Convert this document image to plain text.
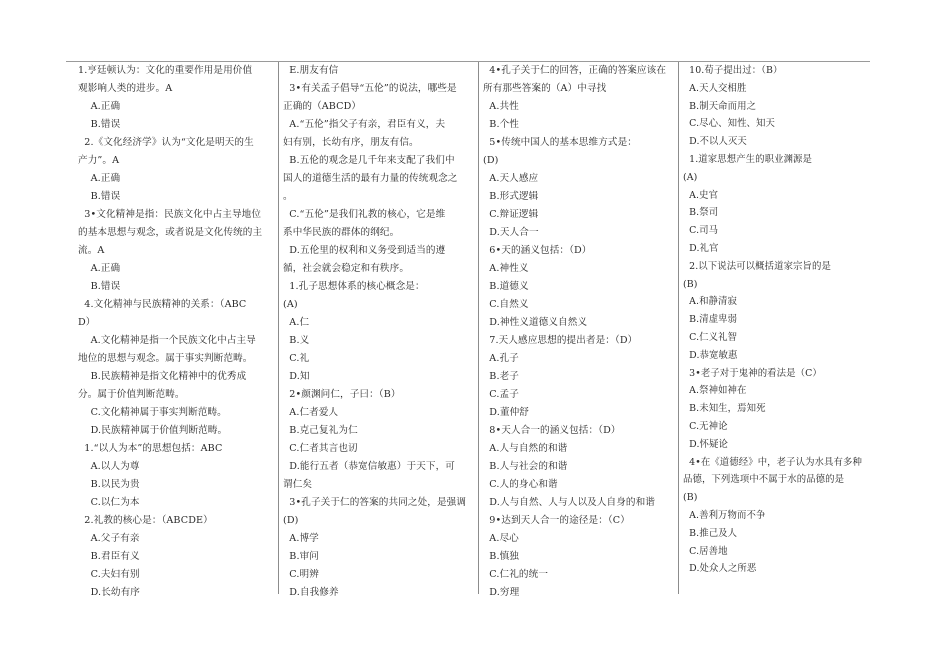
1.亨廷顿认为：文化的重要作用是用价值
观影响人类的进步。A
A.正确
B.错误
2.《文化经济学》认为“文化是明天的生
产力”。A
A.正确
B.错误
3•文化精神是指：民族文化中占主导地位
的基本思想与观念，或者说是文化传统的主
流。A
A.正确
B.错误
4.文化精神与民族精神的关系：（ABC
D）
A.文化精神是指一个民族文化中占主导
地位的思想与观念。属于事实判断范畴。
B.民族精神是指文化精神中的优秀成
分。属于价值判断范畴。
C.文化精神属于事实判断范畴。
D.民族精神属于价值判断范畴。
1.“以人为本”的思想包括：ABC
A.以人为尊
B.以民为贵
C.以仁为本
2.礼教的核心是：（ABCDE）
A.父子有亲
B.君臣有义
C.夫妇有别
D.长幼有序
E.朋友有信
3•有关孟子倡导“五伦”的说法，哪些是
正确的（ABCD）
A.“五伦”指父子有亲，君臣有义，夫
妇有别，长幼有序，朋友有信。
B.五伦的观念是几千年来支配了我们中
国人的道德生活的最有力量的传统观念之
。
C.“五伦”是我们礼教的核心，它是维
系中华民族的群体的纲纪。
D.五伦里的权利和义务受到适当的遵
循，社会就会稳定和有秩序。
1.孔子思想体系的核心概念是：
(A)
A.仁
B.义
C.礼
D.知
2•颜渊问仁，子曰：（B）
A.仁者爱人
B.克己复礼为仁
C.仁者其言也讱
D.能行五者（恭宽信敏惠）于天下，可
谓仁矣
3•孔子关于仁的答案的共同之处，是强调
(D)
A.博学
B.审问
C.明辨
D.自我修养
4•孔子关于仁的回答，正确的答案应该在
所有那些答案的（A）中寻找
A.共性
B.个性
5•传统中国人的基本思维方式是：
(D)
A.天人感应
B.形式逻辑
C.辩证逻辑
D.天人合一
6•天的涵义包括：（D）
A.神性义
B.道德义
C.自然义
D.神性义道德义自然义
7.天人感应思想的提出者是：（D）
A.孔子
B.老子
C.孟子
D.董仲舒
8•天人合一的涵义包括：（D）
A.人与自然的和谐
B.人与社会的和谐
C.人的身心和谐
D.人与自然、人与人以及人自身的和谐
9•达到天人合一的途径是：（C）
A.尽心
B.慎独
C.仁礼的统一
D.穷理
10.荀子提出过：（B）
A.天人交相胜
B.制天命而用之
C.尽心、知性、知天
D.不以人灭天
1.道家思想产生的职业渊源是
(A)
A.史官
B.祭司
C.司马
D.礼官
2.以下说法可以概括道家宗旨的是
(B)
A.和静清寂
B.清虚卑弱
C.仁义礼智
D.恭宽敏惠
3•老子对于鬼神的看法是（C）
A.祭神如神在
B.未知生，焉知死
C.无神论
D.怀疑论
4•在《道德经》中，老子认为水具有多种
品德，下列选项中不属于水的品德的是
(B)
A.善利万物而不争
B.推己及人
C.居善地
D.处众人之所恶
